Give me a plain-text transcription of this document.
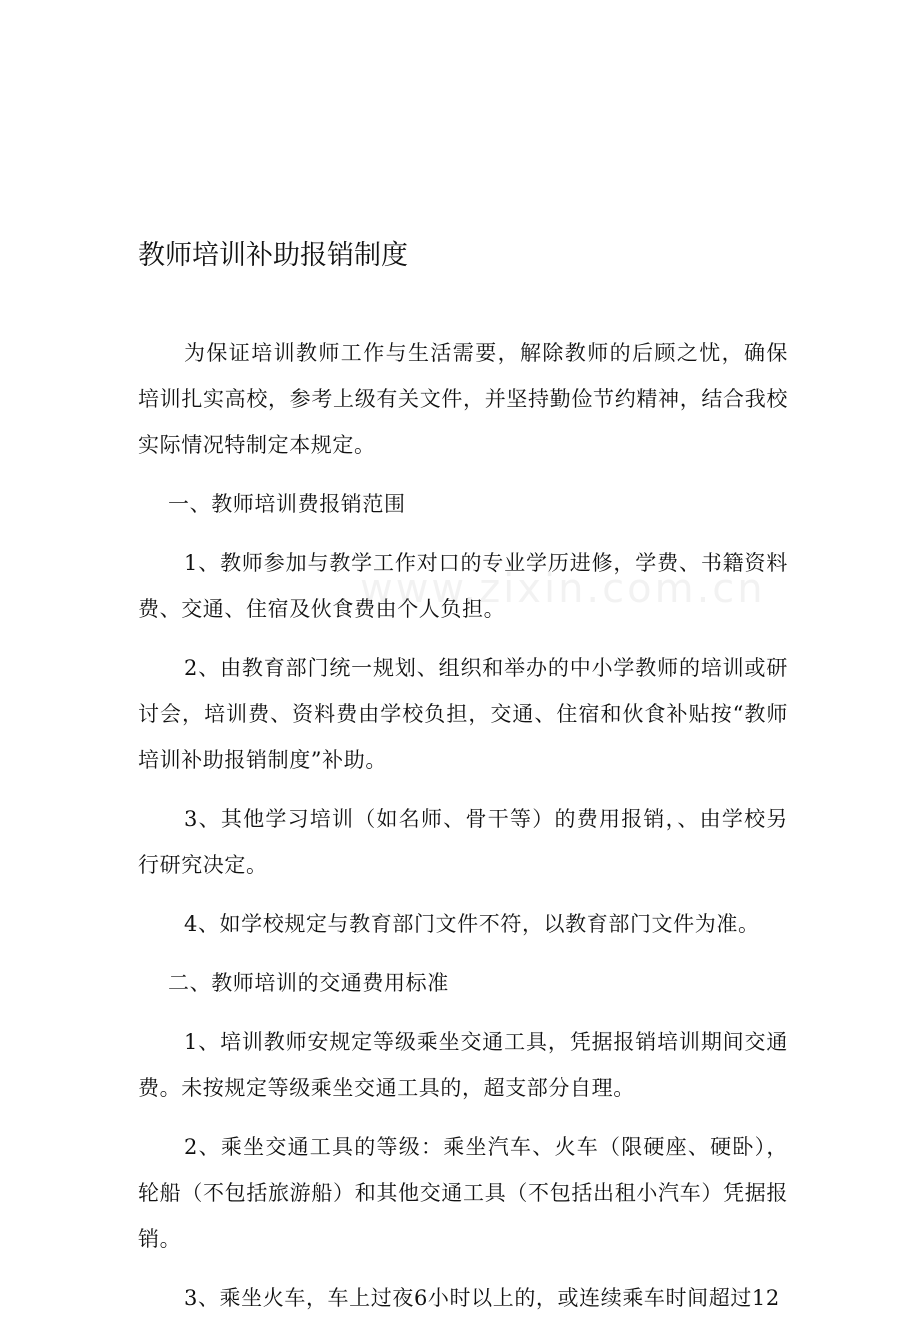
教师培训补助报销制度

为保证培训教师工作与生活需要，解除教师的后顾之忧，确保培训扎实高校，参考上级有关文件，并坚持勤俭节约精神，结合我校实际情况特制定本规定。

一、教师培训费报销范围

1、教师参加与教学工作对口的专业学历进修，学费、书籍资料费、交通、住宿及伙食费由个人负担。

2、由教育部门统一规划、组织和举办的中小学教师的培训或研讨会，培训费、资料费由学校负担，交通、住宿和伙食补贴按“教师培训补助报销制度”补助。

3、其他学习培训（如名师、骨干等）的费用报销，、由学校另行研究决定。

4、如学校规定与教育部门文件不符，以教育部门文件为准。

二、教师培训的交通费用标准

1、培训教师安规定等级乘坐交通工具，凭据报销培训期间交通费。未按规定等级乘坐交通工具的，超支部分自理。

2、乘坐交通工具的等级：乘坐汽车、火车（限硬座、硬卧），轮船（不包括旅游船）和其他交通工具（不包括出租小汽车）凭据报销。

3、乘坐火车，车上过夜6小时以上的，或连续乘车时间超过12

www.zixin.com.cn
